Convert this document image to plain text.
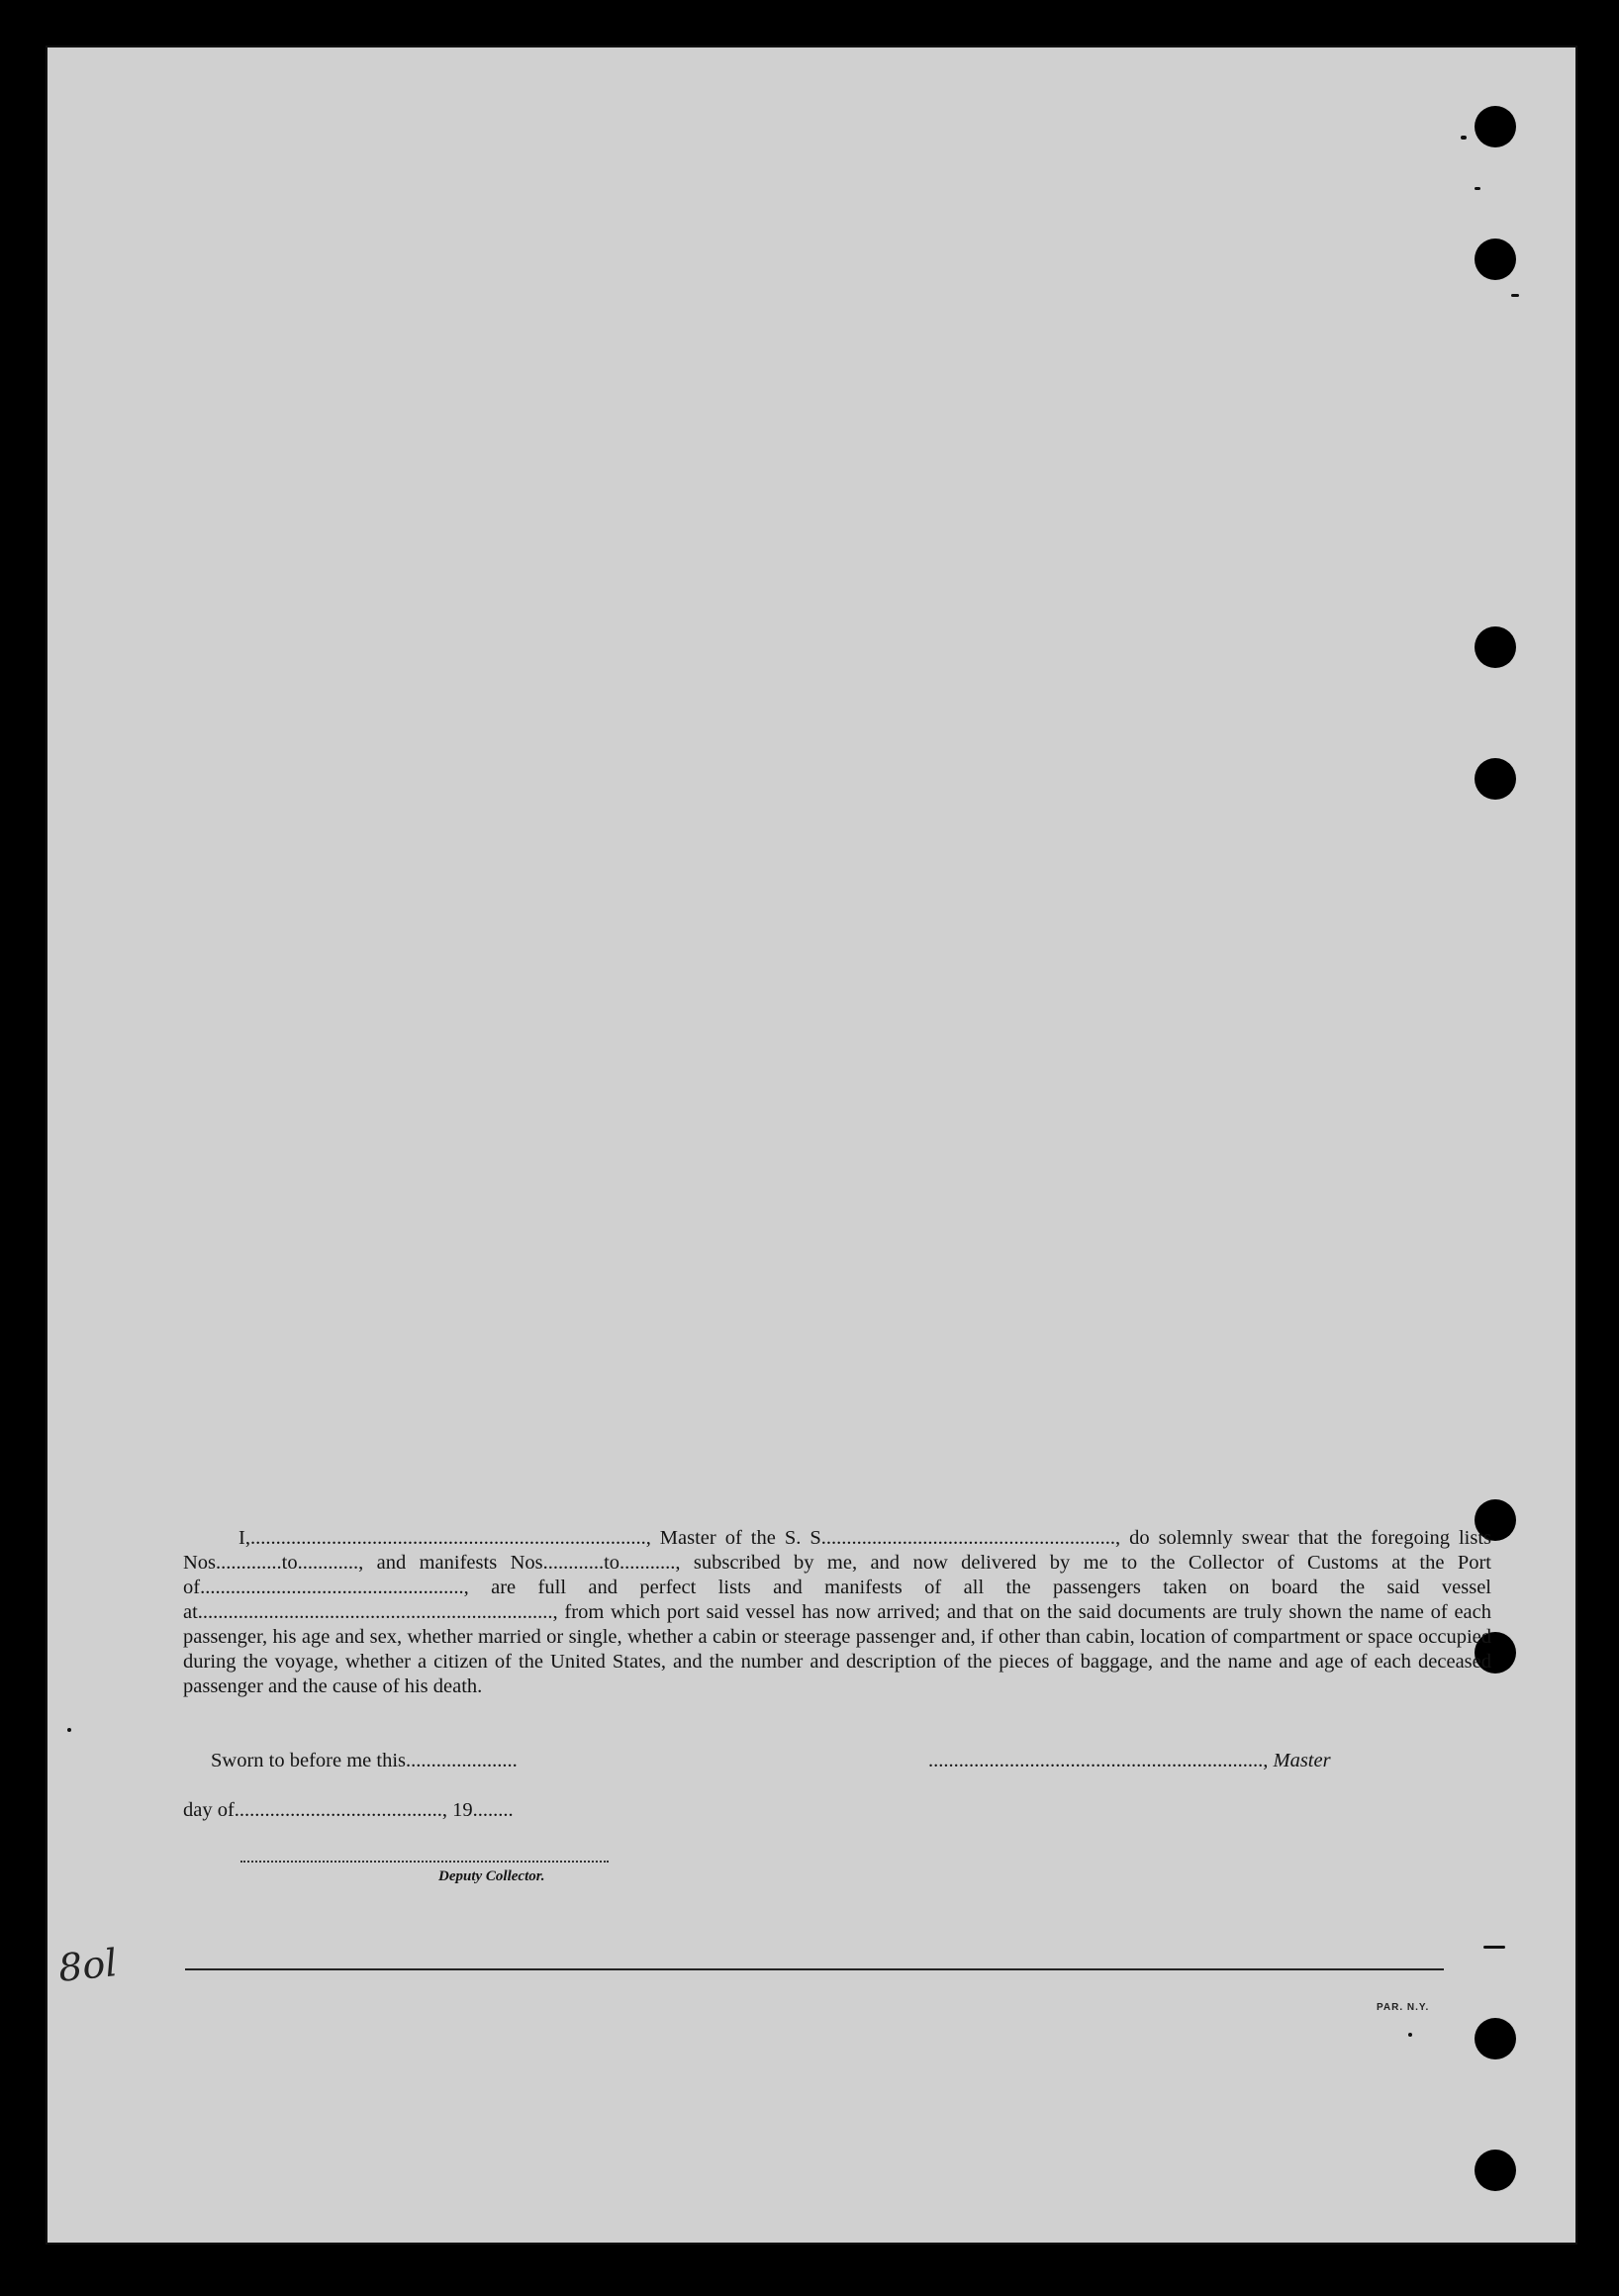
I,.............................................................................., Master of the S. S.........................................................., do solemnly swear that the foregoing lists Nos.............to............, and manifests Nos............to..........., subscribed by me, and now delivered by me to the Collector of Customs at the Port of...................................................., are full and perfect lists and manifests of all the passengers taken on board the said vessel at......................................................................, from which port said vessel has now arrived; and that on the said documents are truly shown the name of each passenger, his age and sex, whether married or single, whether a cabin or steerage passenger and, if other than cabin, location of compartment or space occupied during the voyage, whether a citizen of the United States, and the number and description of the pieces of baggage, and the name and age of each deceased passenger and the cause of his death.

Sworn to before me this......................	.................................................................., Master
day of........................................., 19........
Deputy Collector.
8ol
PAR. N.Y.
